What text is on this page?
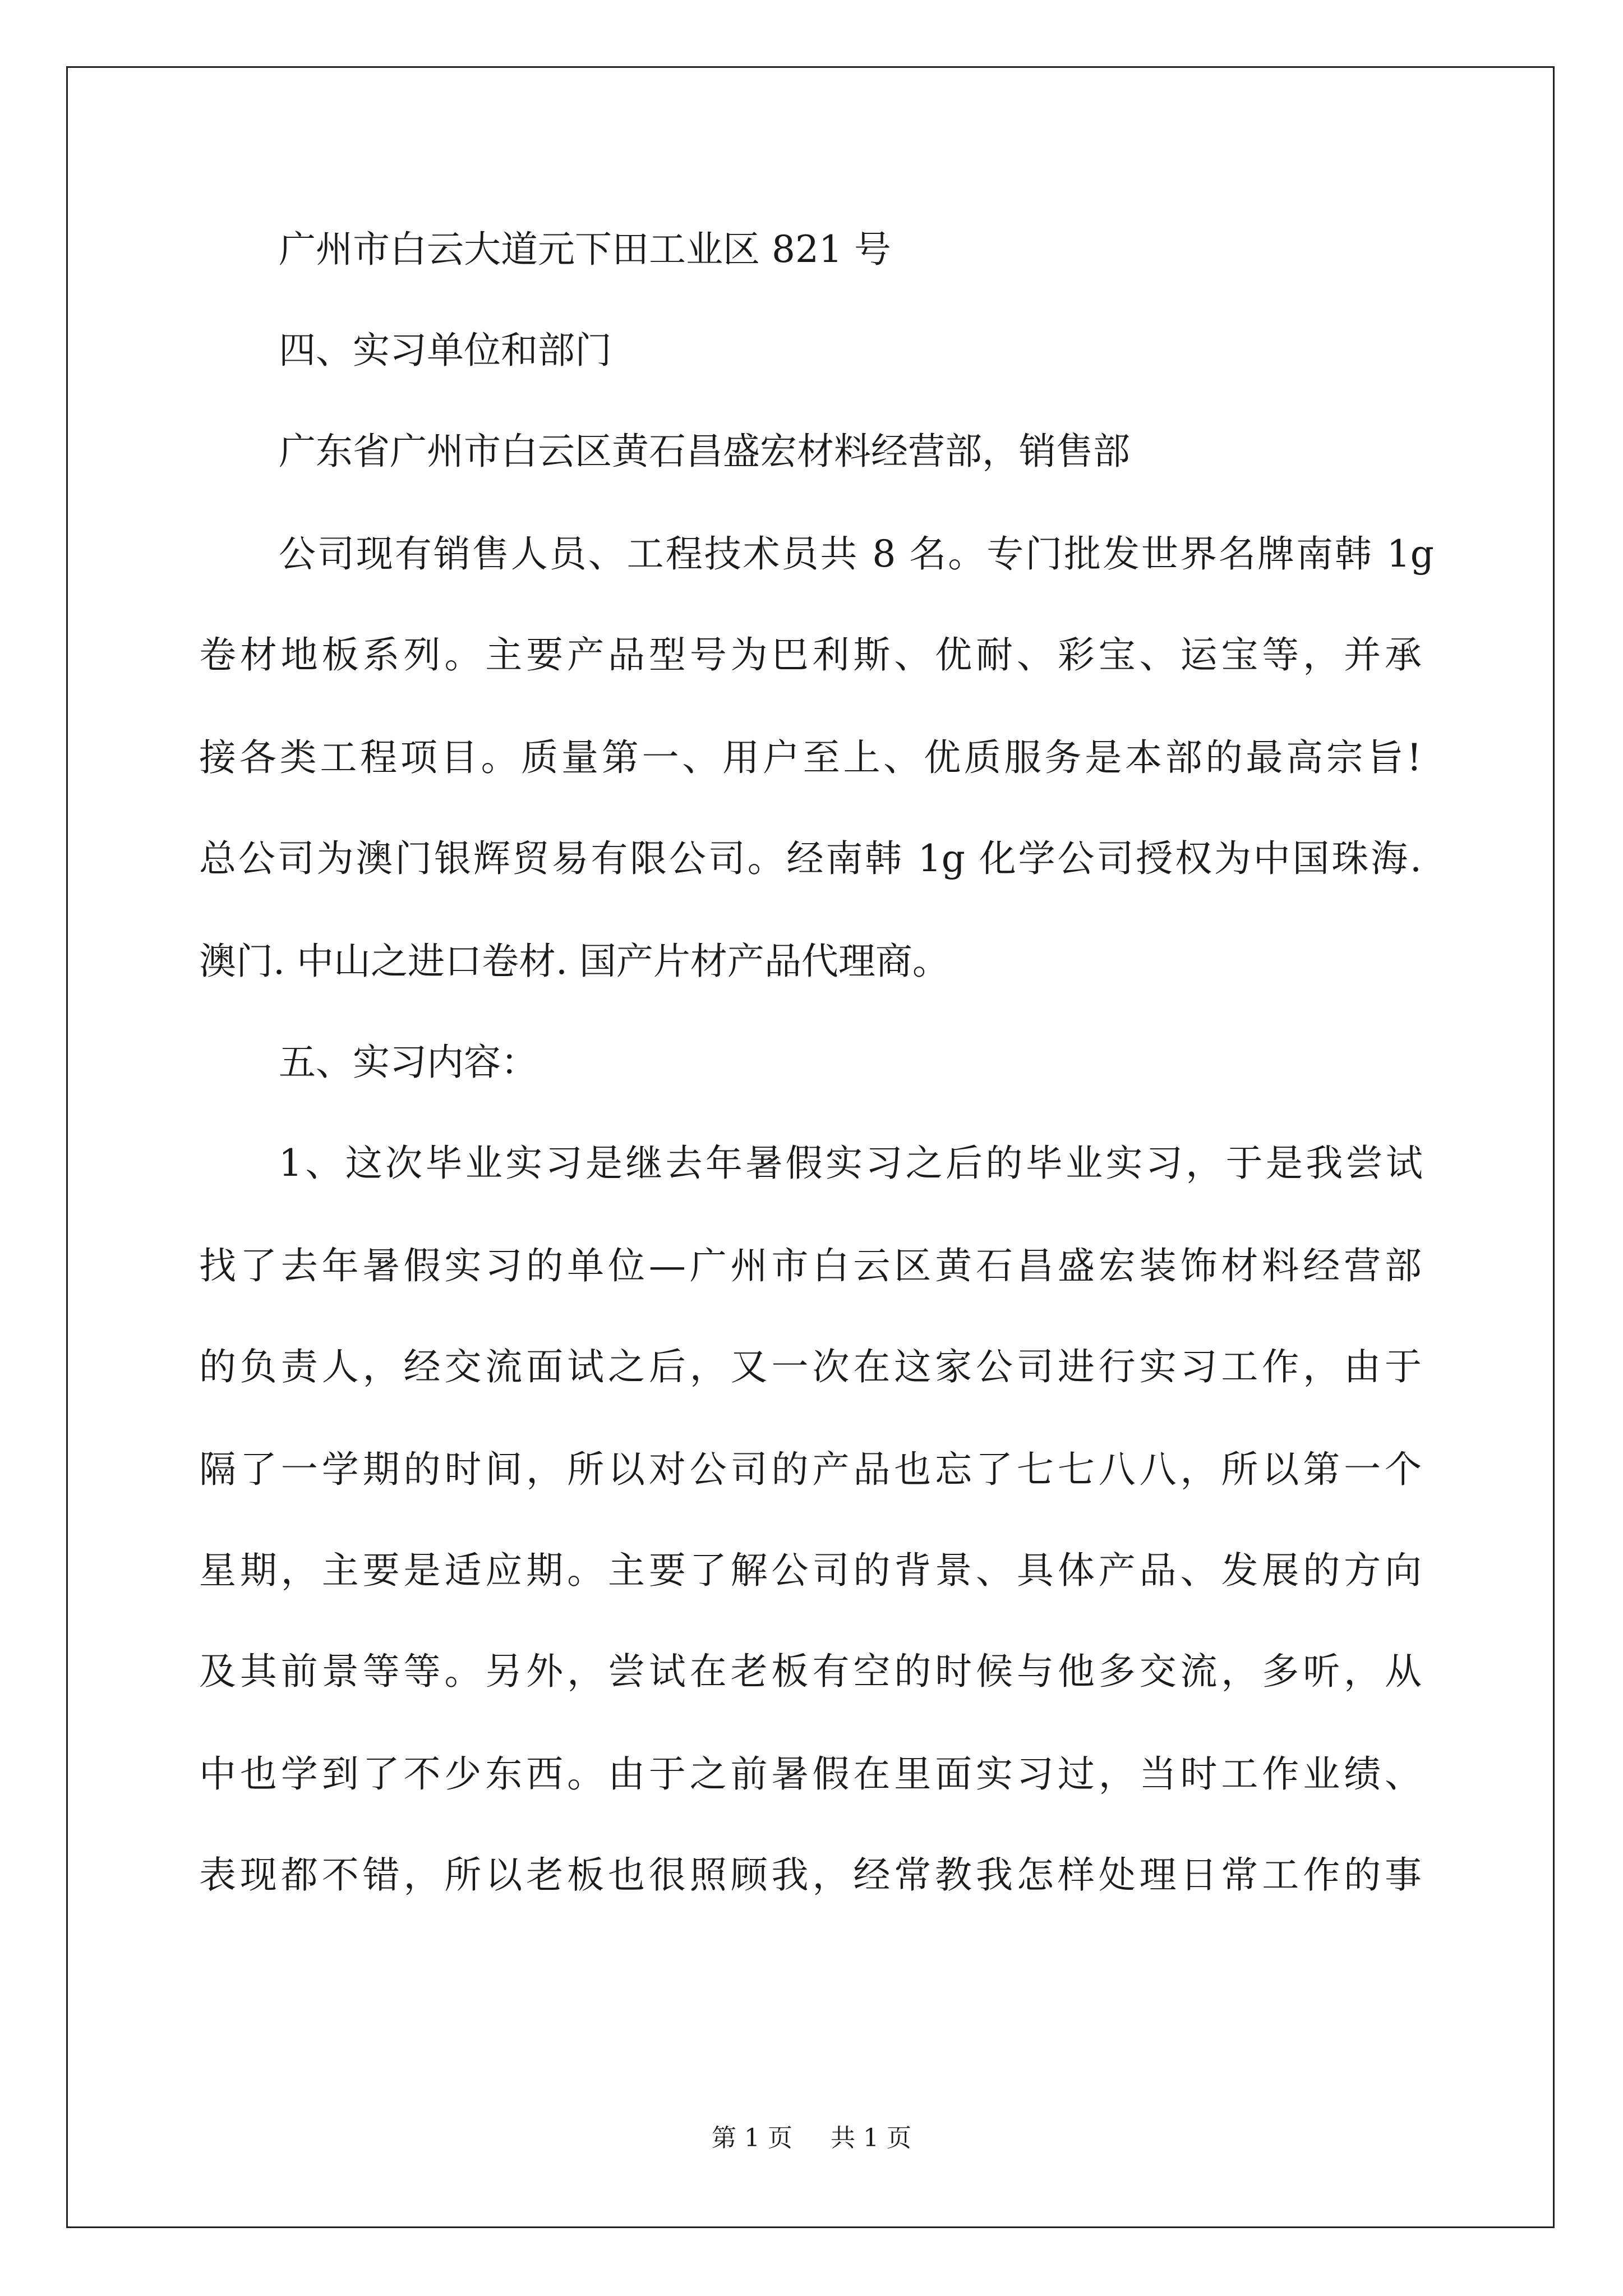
广州市白云大道元下田工业区 821 号
四、实习单位和部门
广东省广州市白云区黄石昌盛宏材料经营部，销售部
公司现有销售人员、工程技术员共 8 名。专门批发世界名牌南韩 1g
卷材地板系列。主要产品型号为巴利斯、优耐、彩宝、运宝等，并承
接各类工程项目。质量第一、用户至上、优质服务是本部的最高宗旨!
总公司为澳门银辉贸易有限公司。经南韩 1g 化学公司授权为中国珠海.
澳门. 中山之进口卷材. 国产片材产品代理商。
五、实习内容：
1、这次毕业实习是继去年暑假实习之后的毕业实习，于是我尝试
找了去年暑假实习的单位—广州市白云区黄石昌盛宏装饰材料经营部
的负责人，经交流面试之后，又一次在这家公司进行实习工作，由于
隔了一学期的时间，所以对公司的产品也忘了七七八八，所以第一个
星期，主要是适应期。主要了解公司的背景、具体产品、发展的方向
及其前景等等。另外，尝试在老板有空的时候与他多交流，多听，从
中也学到了不少东西。由于之前暑假在里面实习过，当时工作业绩、
表现都不错，所以老板也很照顾我，经常教我怎样处理日常工作的事
第 1 页 共 1 页
